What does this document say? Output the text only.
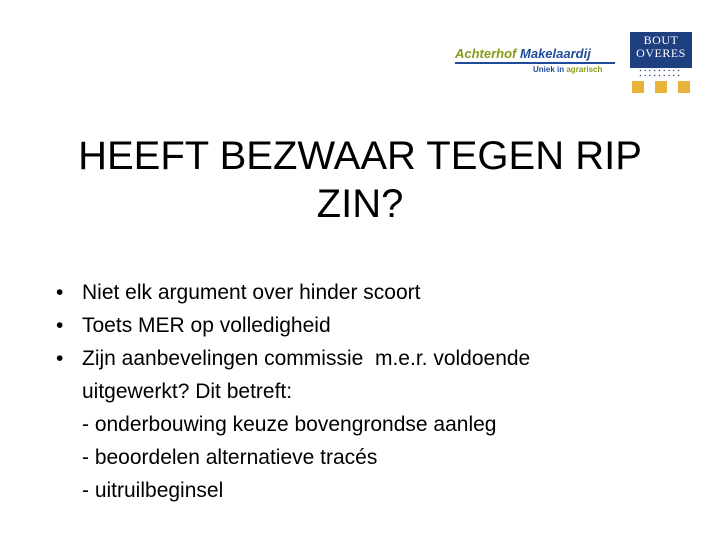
Achterhof Makelaardij
Uniek in agrarisch
BOUT
OVERES
▪▪▪▪▪▪▪▪▪
▪▪▪▪▪▪▪▪▪
HEEFT BEZWAAR TEGEN RIP
ZIN?
• Niet elk argument over hinder scoort
• Toets MER op volledigheid
• Zijn aanbevelingen commissie  m.e.r. voldoende
uitgewerkt? Dit betreft:
- onderbouwing keuze bovengrondse aanleg
- beoordelen alternatieve tracés
- uitruilbeginsel
